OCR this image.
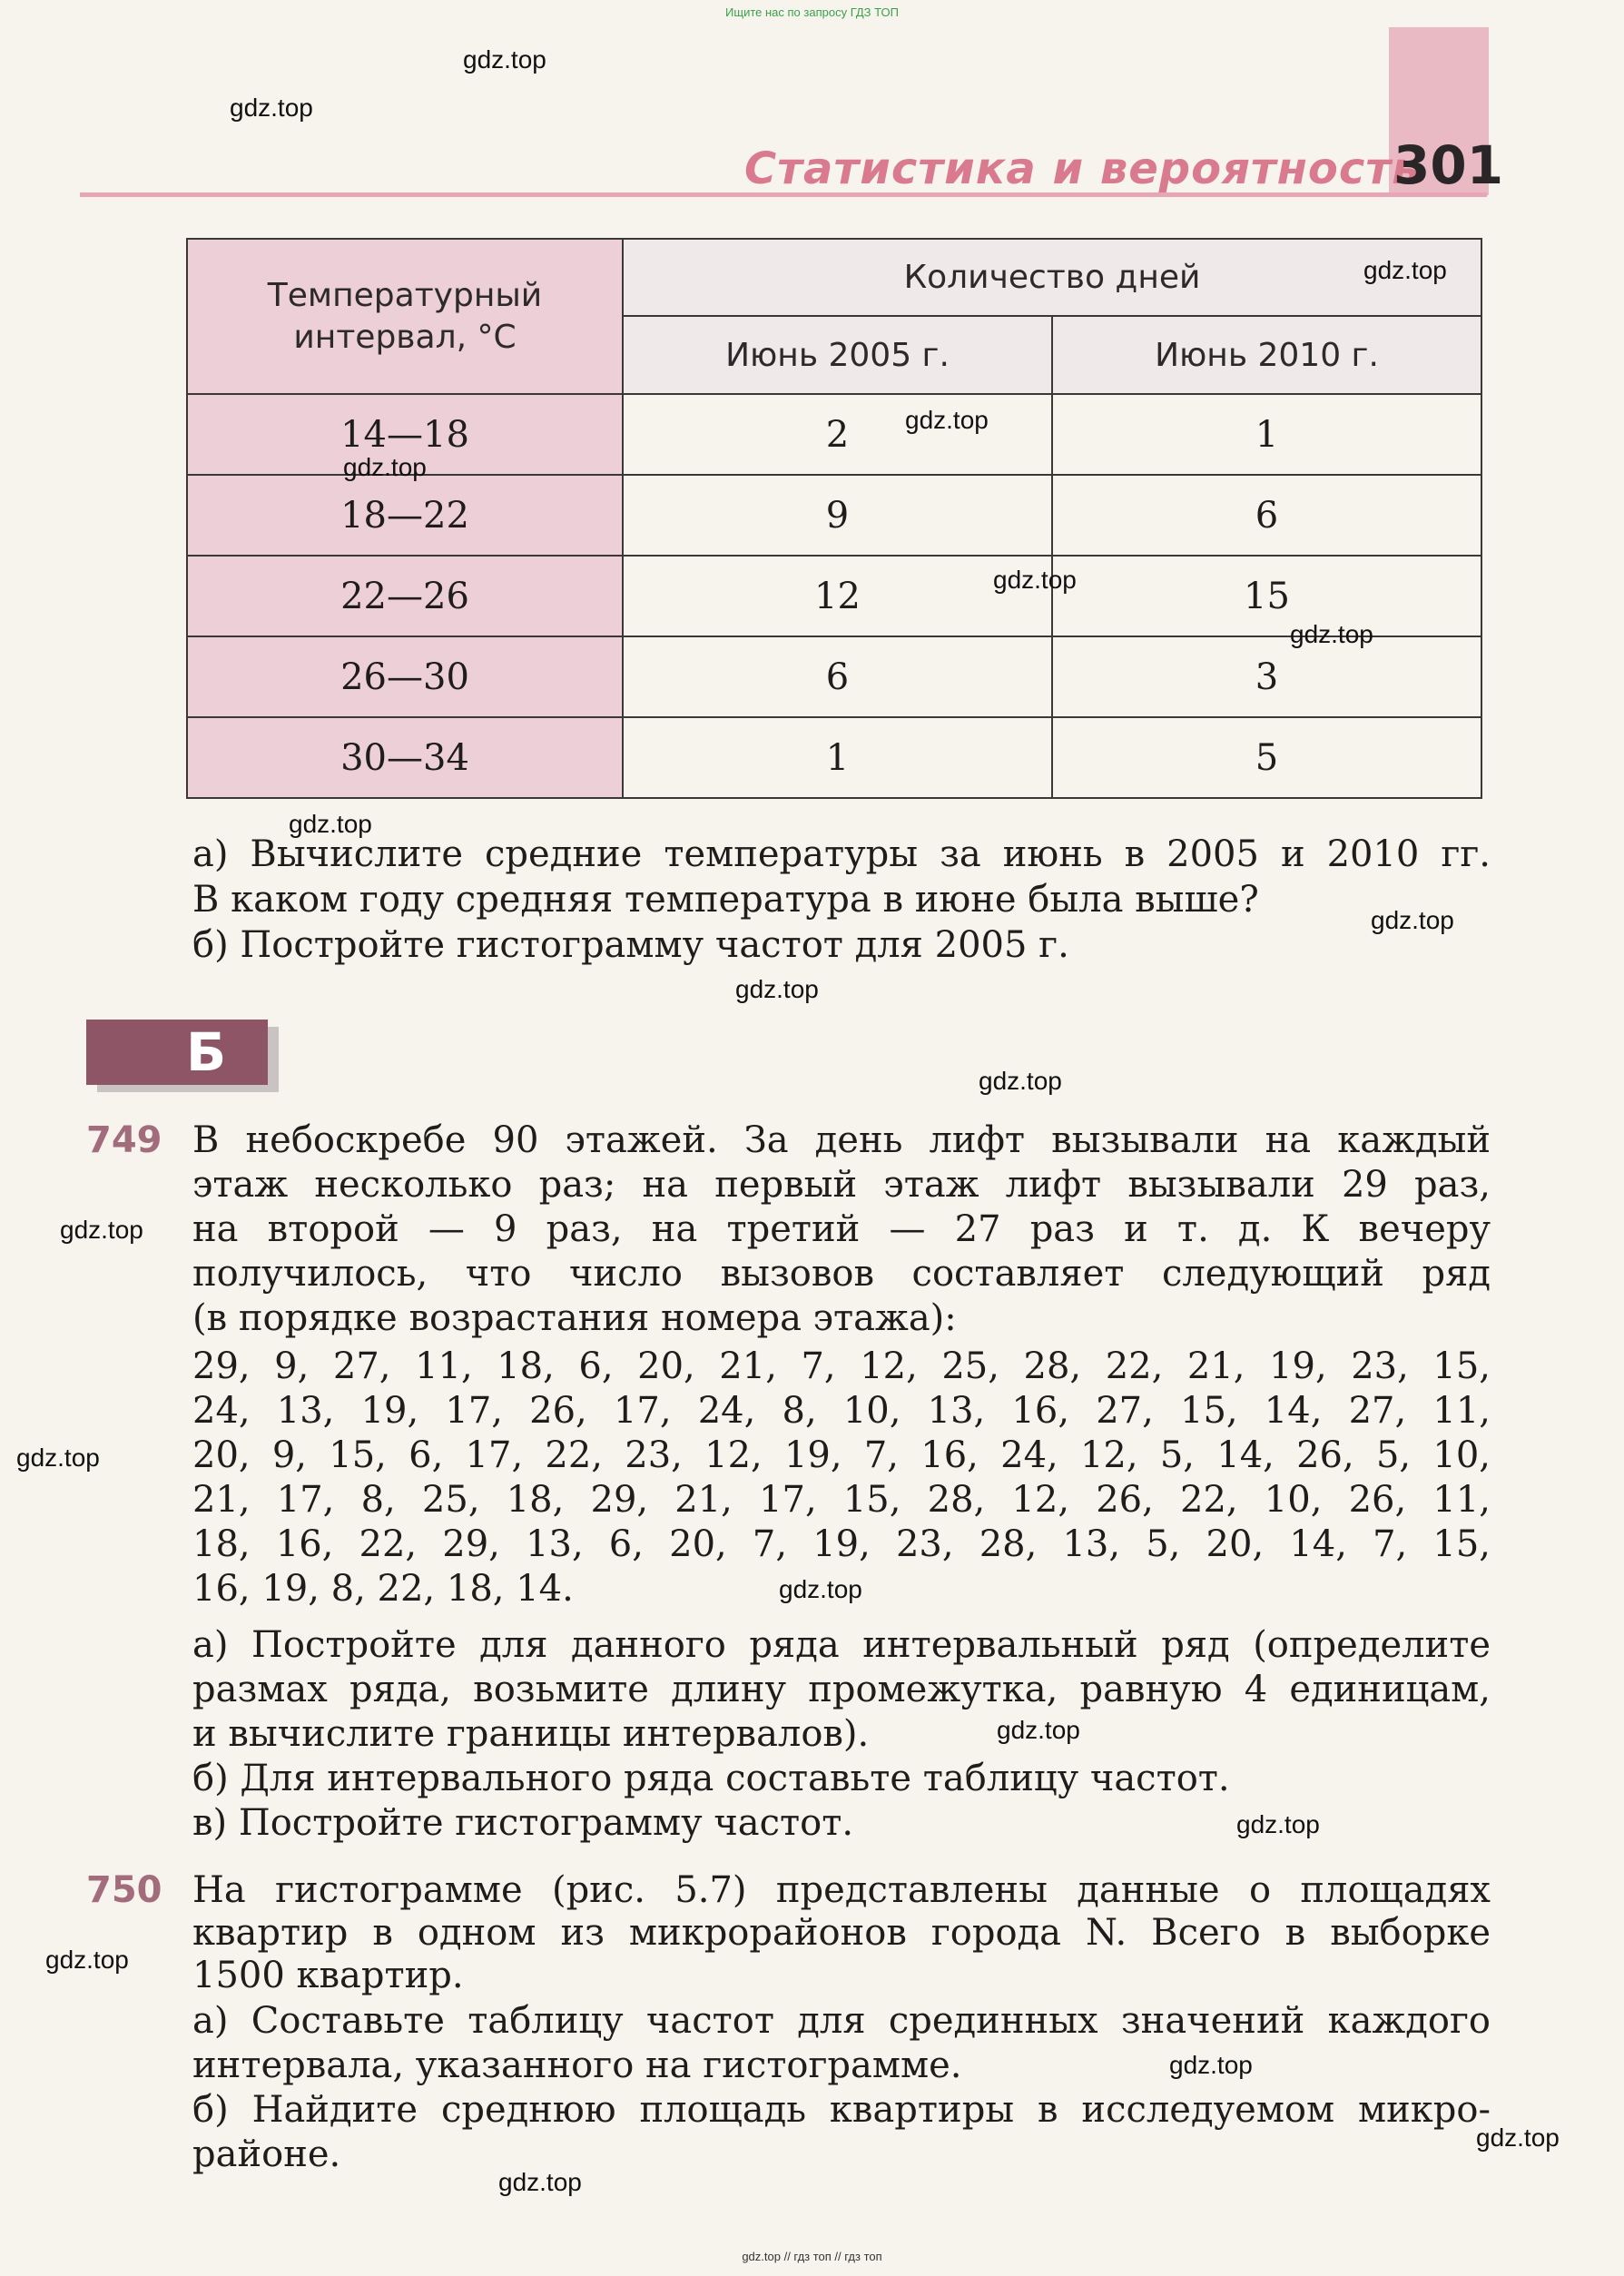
Ищите нас по запросу ГДЗ ТОП
Статистика и вероятность
301
Температурный
интервал, °C	Количество дней	
	Июнь 2005 г.	Июнь 2010 г.
14—18	2	1
18—22	9	6
22—26	12	15
26—30	6	3
30—34	1	5
а) Вычислите средние температуры за июнь в 2005 и 2010 гг.
В каком году средняя температура в июне была выше?
б) Постройте гистограмму частот для 2005 г.
Б
749 В небоскребе 90 этажей. За день лифт вызывали на каждый
этаж несколько раз; на первый этаж лифт вызывали 29 раз,
на второй — 9 раз, на третий — 27 раз и т. д. К вечеру
получилось, что число вызовов составляет следующий ряд
(в порядке возрастания номера этажа):
29, 9, 27, 11, 18, 6, 20, 21, 7, 12, 25, 28, 22, 21, 19, 23, 15,
24, 13, 19, 17, 26, 17, 24, 8, 10, 13, 16, 27, 15, 14, 27, 11,
20, 9, 15, 6, 17, 22, 23, 12, 19, 7, 16, 24, 12, 5, 14, 26, 5, 10,
21, 17, 8, 25, 18, 29, 21, 17, 15, 28, 12, 26, 22, 10, 26, 11,
18, 16, 22, 29, 13, 6, 20, 7, 19, 23, 28, 13, 5, 20, 14, 7, 15,
16, 19, 8, 22, 18, 14.
а) Постройте для данного ряда интервальный ряд (определите
размах ряда, возьмите длину промежутка, равную 4 единицам,
и вычислите границы интервалов).
б) Для интервального ряда составьте таблицу частот.
в) Постройте гистограмму частот.
750 На гистограмме (рис. 5.7) представлены данные о площадях
квартир в одном из микрорайонов города N. Всего в выборке
1500 квартир.
а) Составьте таблицу частот для срединных значений каждого
интервала, указанного на гистограмме.
б) Найдите среднюю площадь квартиры в исследуемом микро-
районе.
gdz.top
gdz.top
gdz.top
gdz.top
gdz.top
gdz.top
gdz.top
gdz.top
gdz.top
gdz.top
gdz.top
gdz.top
gdz.top
gdz.top
gdz.top
gdz.top
gdz.top
gdz.top
gdz.top
gdz.top
gdz.top // гдз топ // гдз топ
